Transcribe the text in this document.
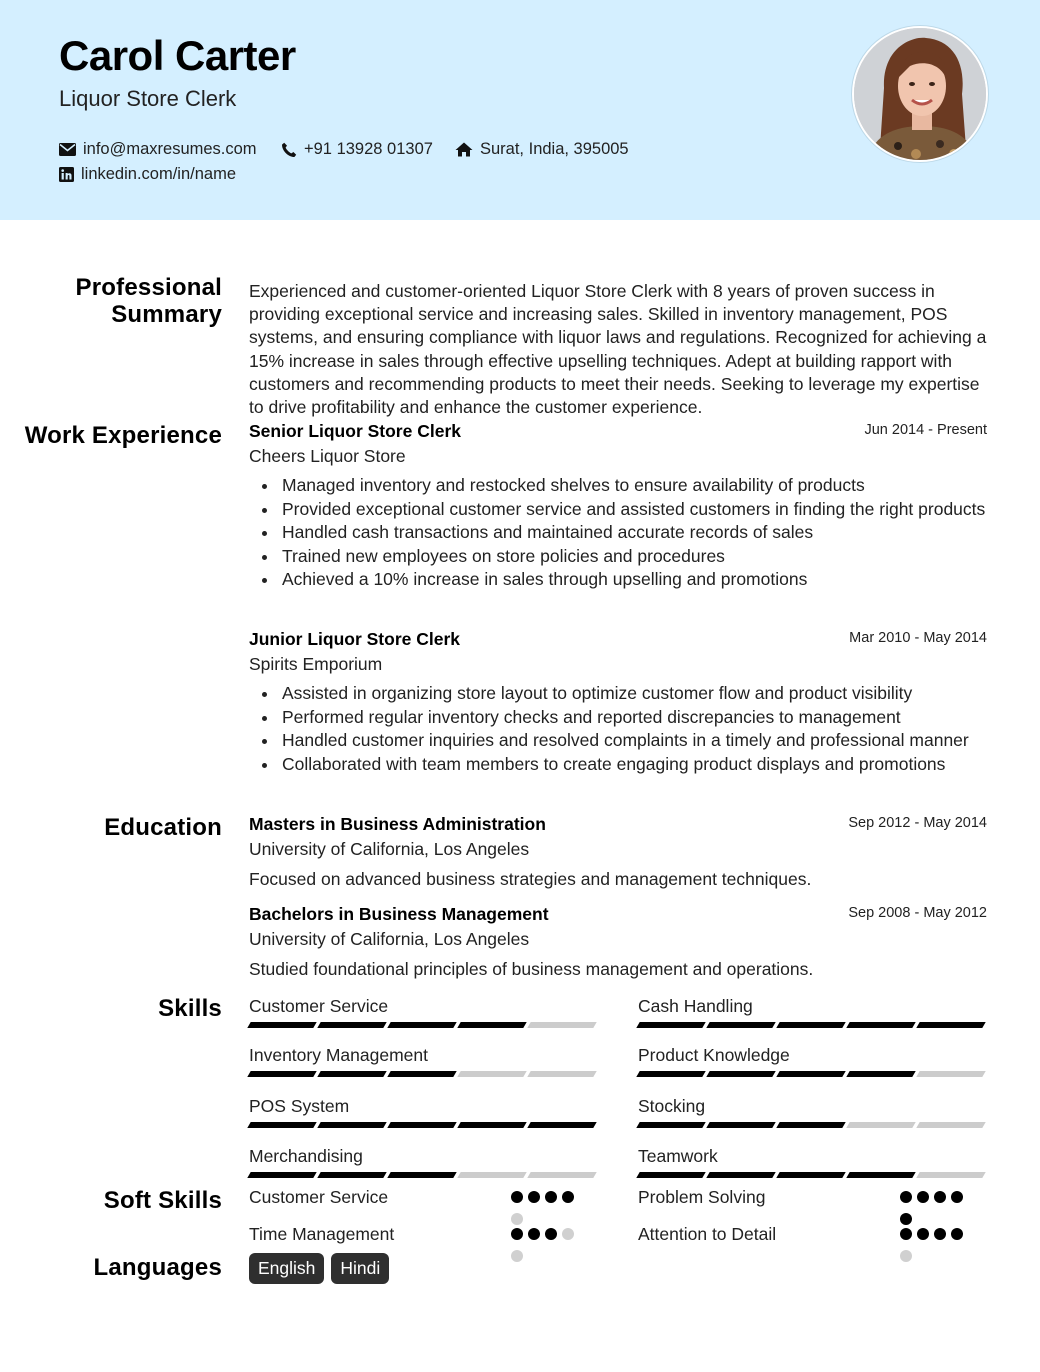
Carol Carter
Liquor Store Clerk
info@maxresumes.com	+91 13928 01307	Surat, India, 395005
linkedin.com/in/name
Professional Summary
Experienced and customer-oriented Liquor Store Clerk with 8 years of proven success in providing exceptional service and increasing sales. Skilled in inventory management, POS systems, and ensuring compliance with liquor laws and regulations. Recognized for achieving a 15% increase in sales through effective upselling techniques. Adept at building rapport with customers and recommending products to meet their needs. Seeking to leverage my expertise to drive profitability and enhance the customer experience.
Work Experience Senior Liquor Store Clerk	Jun 2014 - Present
Cheers Liquor Store
Managed inventory and restocked shelves to ensure availability of products
Provided exceptional customer service and assisted customers in finding the right products
Handled cash transactions and maintained accurate records of sales
Trained new employees on store policies and procedures
Achieved a 10% increase in sales through upselling and promotions
Junior Liquor Store Clerk	Mar 2010 - May 2014
Spirits Emporium
Assisted in organizing store layout to optimize customer flow and product visibility
Performed regular inventory checks and reported discrepancies to management
Handled customer inquiries and resolved complaints in a timely and professional manner
Collaborated with team members to create engaging product displays and promotions
Education Masters in Business Administration	Sep 2012 - May 2014
University of California, Los Angeles
Focused on advanced business strategies and management techniques.
Bachelors in Business Management	Sep 2008 - May 2012
University of California, Los Angeles
Studied foundational principles of business management and operations.
Skills Customer Service	Cash Handling
Inventory Management	Product Knowledge
POS System	Stocking
Merchandising	Teamwork
Soft Skills Customer Service	Problem Solving
Time Management	Attention to Detail
Languages	English	Hindi
